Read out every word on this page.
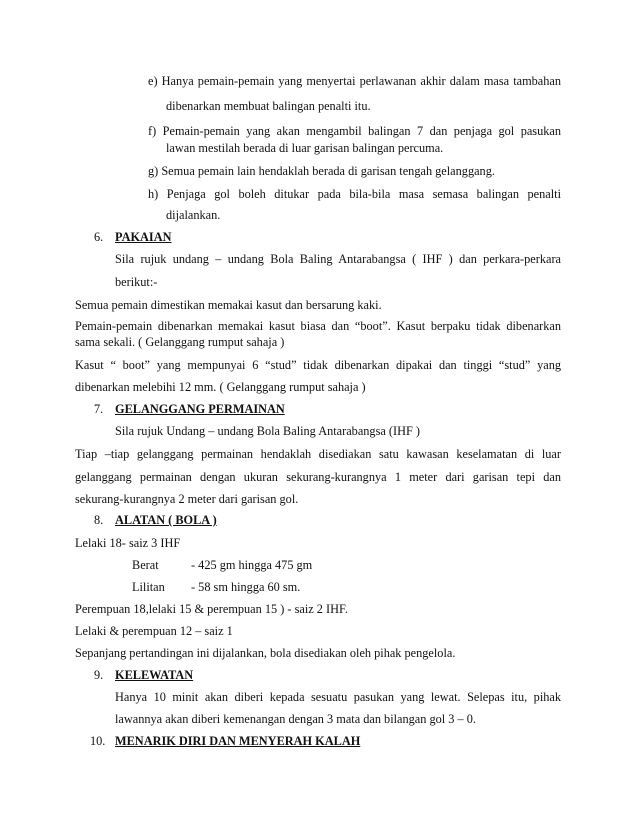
e) Hanya pemain-pemain yang menyertai perlawanan akhir dalam masa tambahan
dibenarkan membuat balingan penalti itu.
f) Pemain-pemain yang akan mengambil balingan 7 dan penjaga gol pasukan
lawan mestilah berada di luar garisan balingan percuma.
g) Semua pemain lain hendaklah berada di garisan tengah gelanggang.
h) Penjaga gol boleh ditukar pada bila-bila masa semasa balingan penalti
dijalankan.
6. PAKAIAN
Sila rujuk undang – undang Bola Baling Antarabangsa ( IHF ) dan perkara-perkara
berikut:-
Semua pemain dimestikan memakai kasut dan bersarung kaki.
Pemain-pemain dibenarkan memakai kasut biasa dan “boot”. Kasut berpaku tidak dibenarkan
sama sekali. ( Gelanggang rumput sahaja )
Kasut “ boot” yang mempunyai 6 “stud” tidak dibenarkan dipakai dan tinggi “stud” yang
dibenarkan melebihi 12 mm. ( Gelanggang rumput sahaja )
7. GELANGGANG PERMAINAN
Sila rujuk Undang – undang Bola Baling Antarabangsa (IHF )
Tiap –tiap gelanggang permainan hendaklah disediakan satu kawasan keselamatan di luar
gelanggang permainan dengan ukuran sekurang-kurangnya 1 meter dari garisan tepi dan
sekurang-kurangnya 2 meter dari garisan gol.
8. ALATAN ( BOLA )
Lelaki 18- saiz 3 IHF
Berat	- 425 gm hingga 475 gm
Lilitan - 58 sm hingga 60 sm.
Perempuan 18,lelaki 15 & perempuan 15 ) - saiz 2 IHF.
Lelaki & perempuan 12 – saiz 1
Sepanjang pertandingan ini dijalankan, bola disediakan oleh pihak pengelola.
9. KELEWATAN
Hanya 10 minit akan diberi kepada sesuatu pasukan yang lewat. Selepas itu, pihak
lawannya akan diberi kemenangan dengan 3 mata dan bilangan gol 3 – 0.
10. MENARIK DIRI DAN MENYERAH KALAH
